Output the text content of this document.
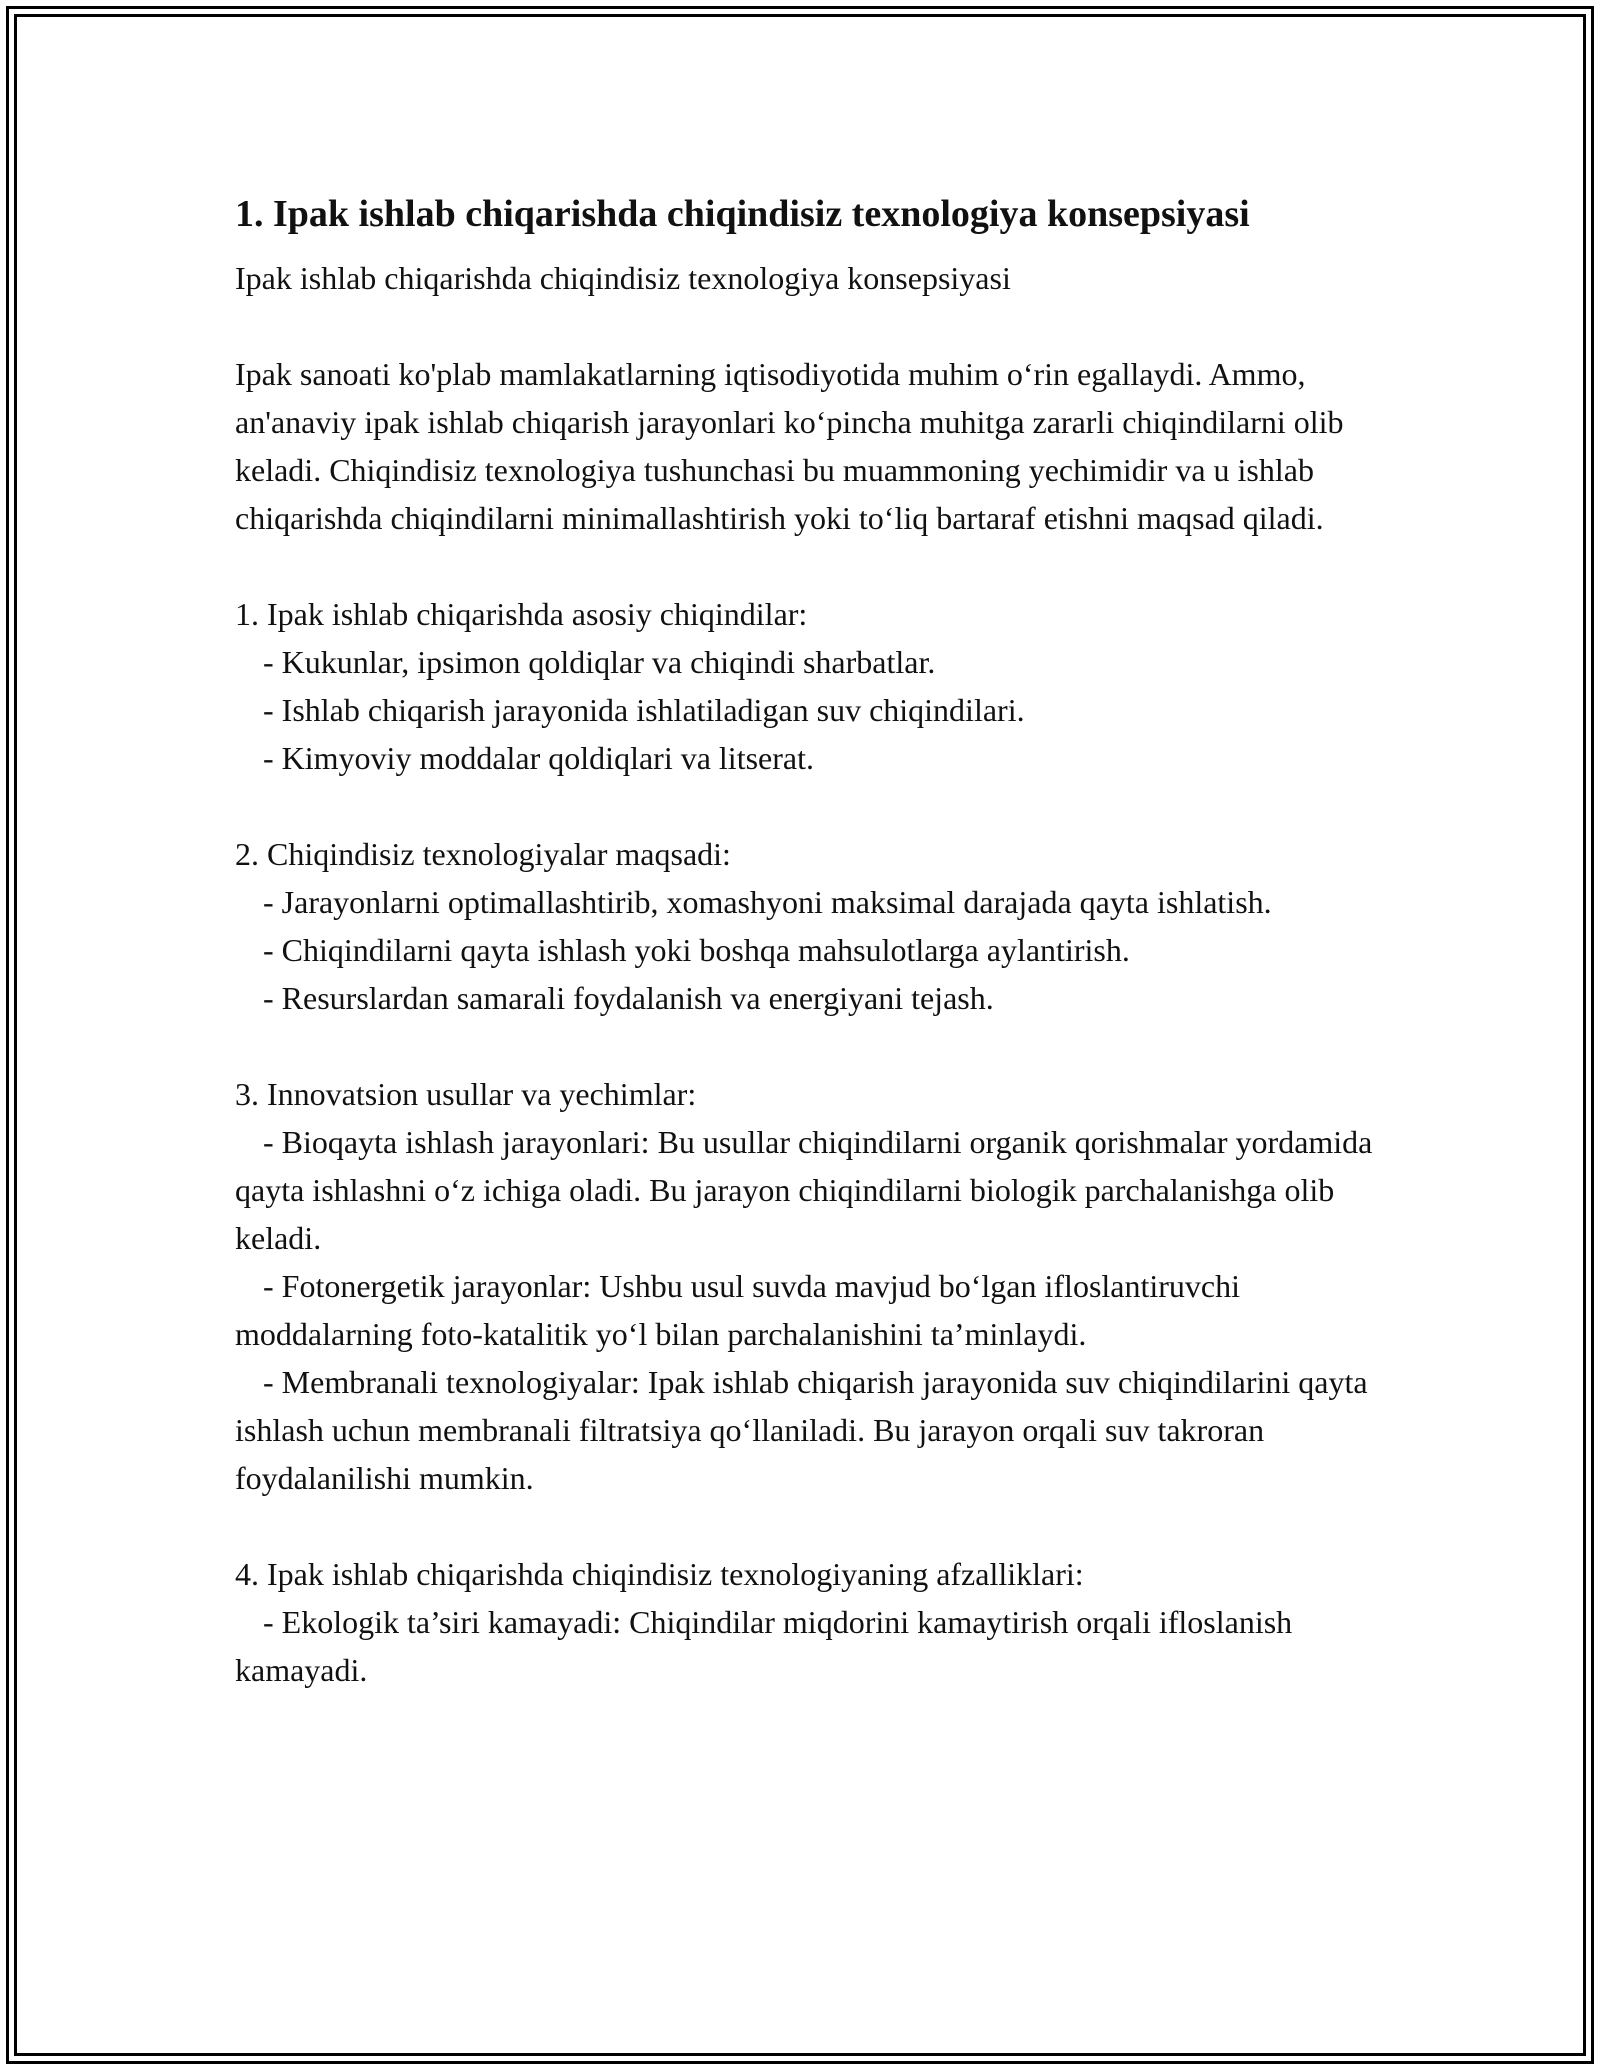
1. Ipak ishlab chiqarishda chiqindisiz texnologiya konsepsiyasi

Ipak ishlab chiqarishda chiqindisiz texnologiya konsepsiyasi

Ipak sanoati ko'plab mamlakatlarning iqtisodiyotida muhim oʻrin egallaydi. Ammo, an'anaviy ipak ishlab chiqarish jarayonlari koʻpincha muhitga zararli chiqindilarni olib keladi. Chiqindisiz texnologiya tushunchasi bu muammoning yechimidir va u ishlab chiqarishda chiqindilarni minimallashtirish yoki toʻliq bartaraf etishni maqsad qiladi.

1. Ipak ishlab chiqarishda asosiy chiqindilar:
- Kukunlar, ipsimon qoldiqlar va chiqindi sharbatlar.
- Ishlab chiqarish jarayonida ishlatiladigan suv chiqindilari.
- Kimyoviy moddalar qoldiqlari va litserat.
2. Chiqindisiz texnologiyalar maqsadi:
- Jarayonlarni optimallashtirib, xomashyoni maksimal darajada qayta ishlatish.
- Chiqindilarni qayta ishlash yoki boshqa mahsulotlarga aylantirish.
- Resurslardan samarali foydalanish va energiyani tejash.
3. Innovatsion usullar va yechimlar:
- Bioqayta ishlash jarayonlari: Bu usullar chiqindilarni organik qorishmalar yordamida qayta ishlashni oʻz ichiga oladi. Bu jarayon chiqindilarni biologik parchalanishga olib keladi.
- Fotonergetik jarayonlar: Ushbu usul suvda mavjud boʻlgan ifloslantiruvchi moddalarning foto-katalitik yoʻl bilan parchalanishini ta’minlaydi.
- Membranali texnologiyalar: Ipak ishlab chiqarish jarayonida suv chiqindilarini qayta ishlash uchun membranali filtratsiya qoʻllaniladi. Bu jarayon orqali suv takroran foydalanilishi mumkin.
4. Ipak ishlab chiqarishda chiqindisiz texnologiyaning afzalliklari:
- Ekologik ta’siri kamayadi: Chiqindilar miqdorini kamaytirish orqali ifloslanish kamayadi.
